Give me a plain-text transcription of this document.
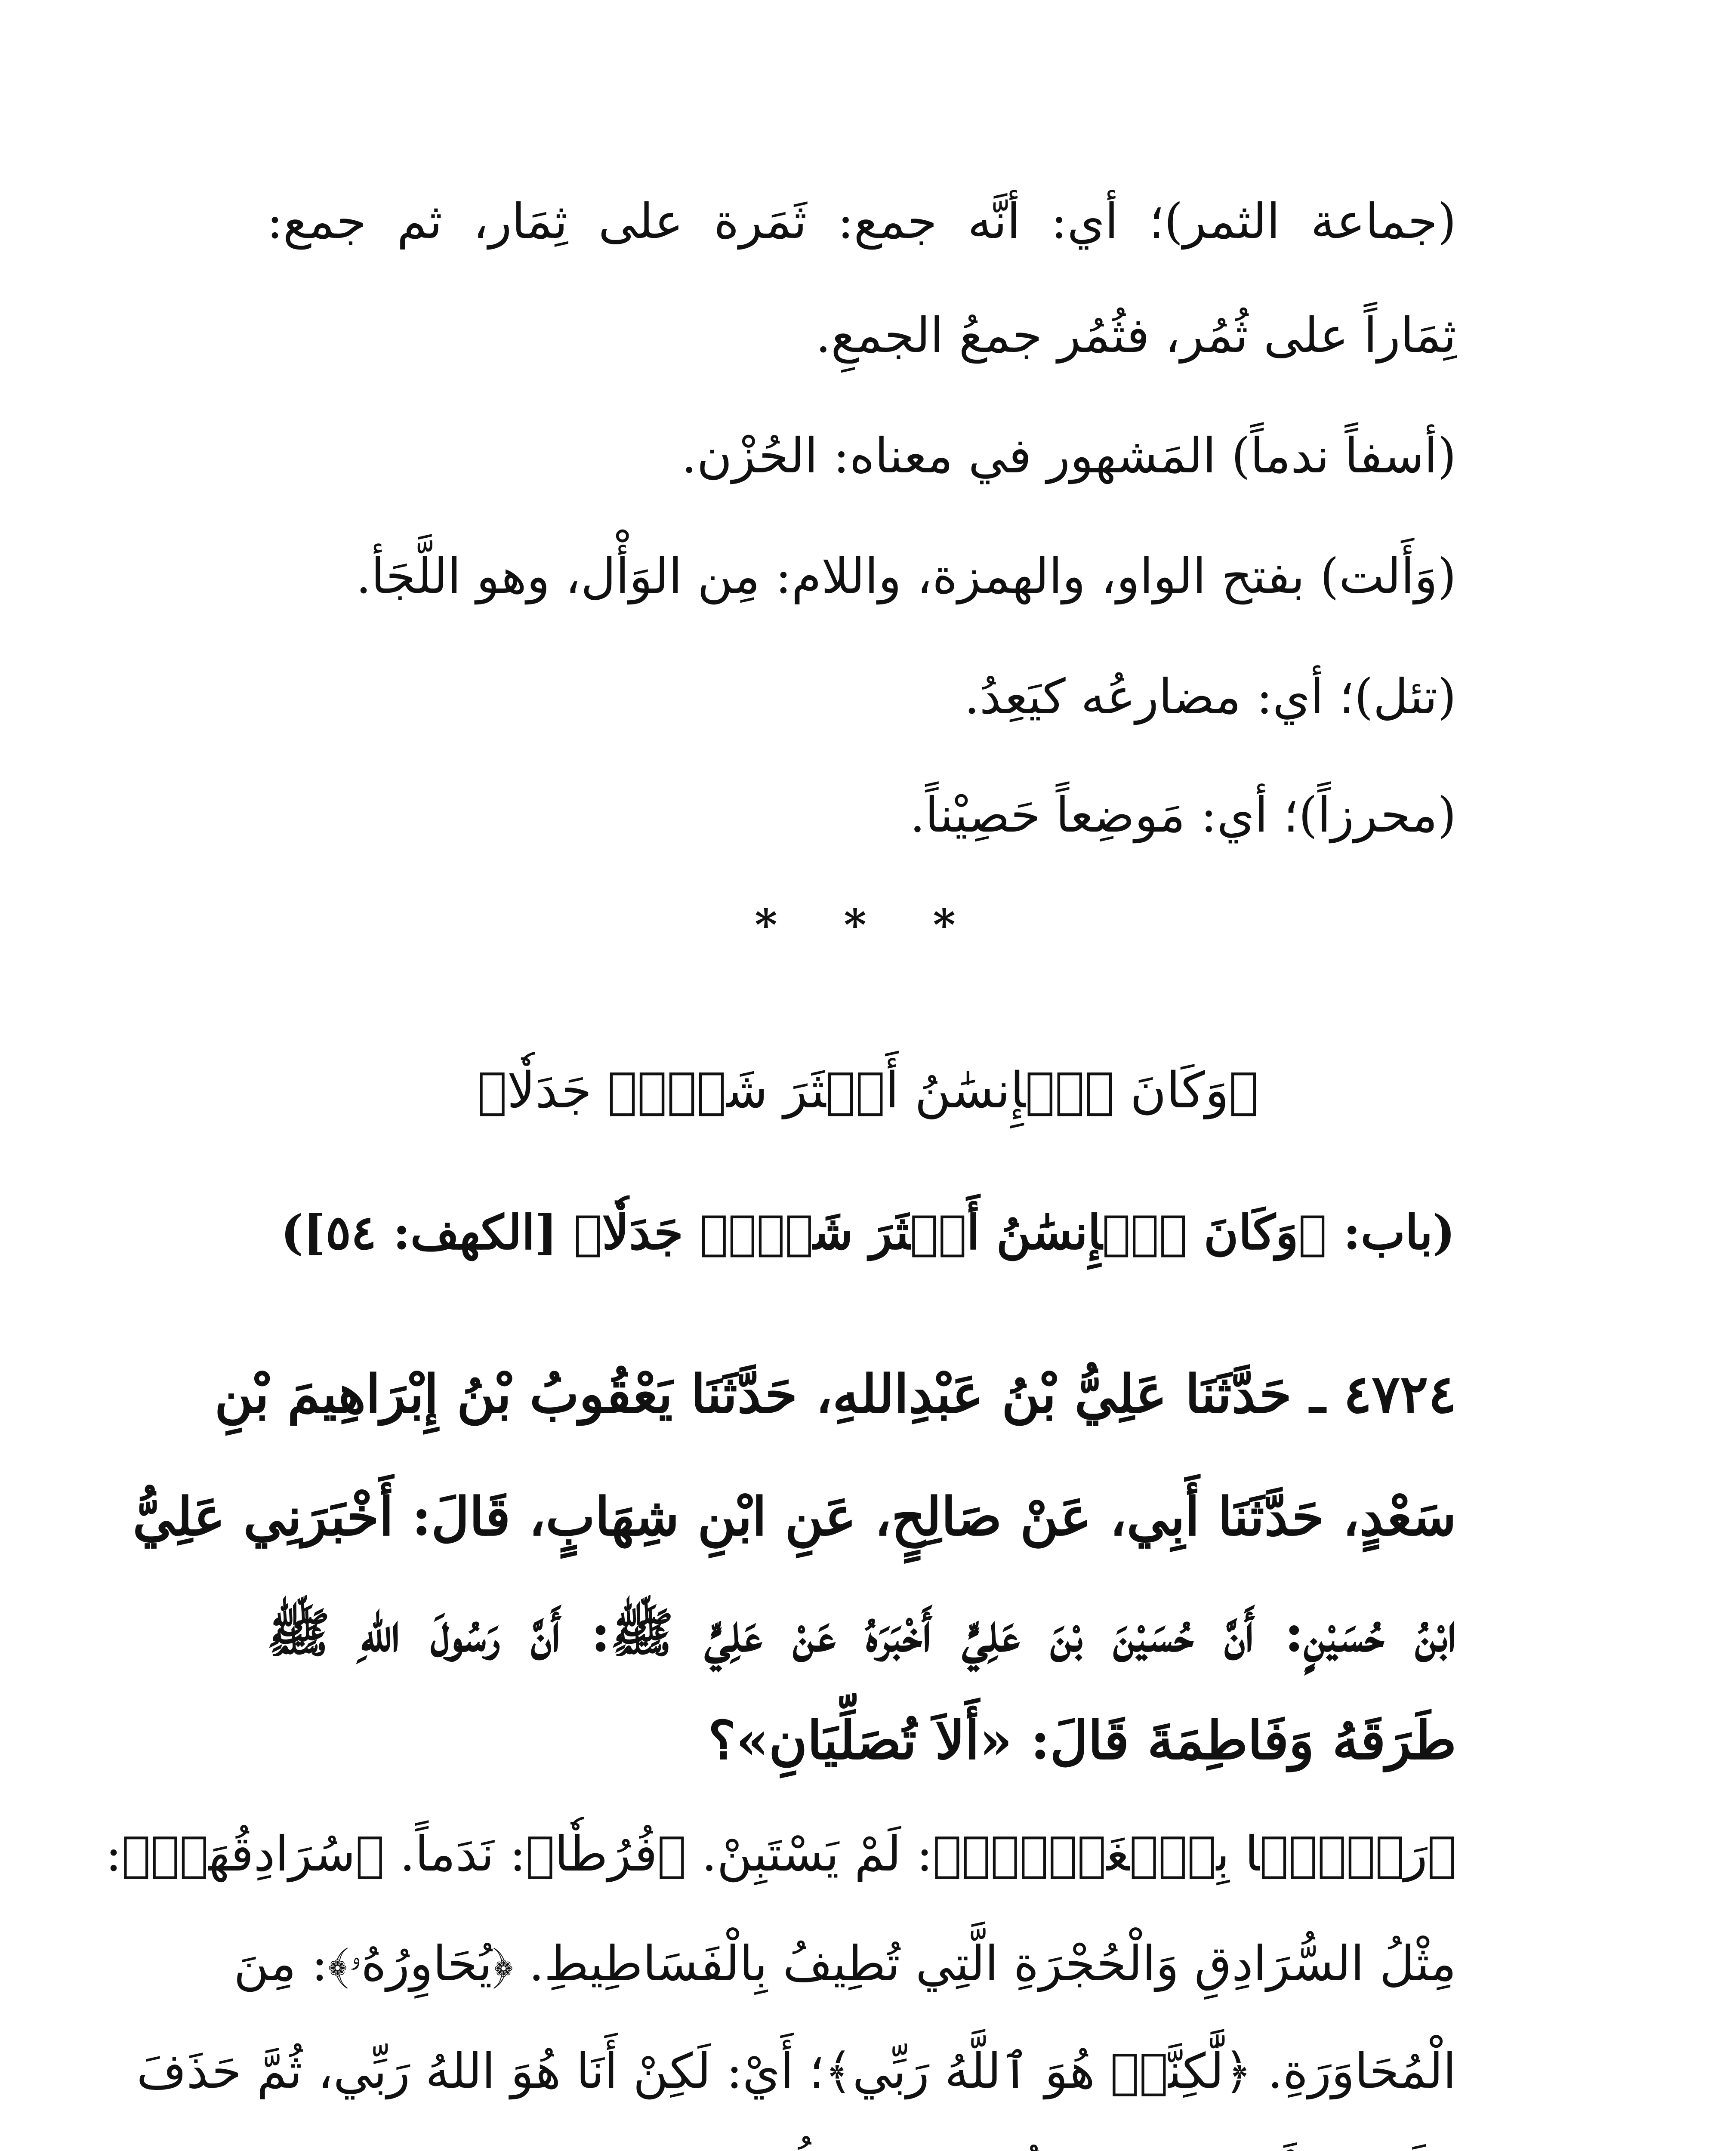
(جماعة الثمر)؛ أي: أنَّه جمع: ثَمَرة على ثِمَار، ثم جمع:
ثِمَاراً على ثُمُر، فثُمُر جمعُ الجمعِ.
(أسفاً ندماً) المَشهور في معناه: الحُزْن.
(وَأَلت) بفتح الواو، والهمزة، واللام: مِن الوَأْل، وهو اللَّجَأ.
(تئل)؛ أي: مضارعُه كيَعِدُ.
(محرزاً)؛ أي: مَوضِعاً حَصِيْناً.
* * *
﴿وَكَانَ ٱلۡإِنسَٰنُ أَكۡثَرَ شَيۡءٖ جَدَلٗا﴾
(باب: ﴿وَكَانَ ٱلۡإِنسَٰنُ أَكۡثَرَ شَيۡءٖ جَدَلٗا﴾ [الكهف: ٥٤])
٤٧٢٤ ـ حَدَّثَنَا عَلِيُّ بْنُ عَبْدِاللهِ، حَدَّثَنَا يَعْقُوبُ بْنُ إِبْرَاهِيمَ بْنِ
سَعْدٍ، حَدَّثَنَا أَبِي، عَنْ صَالِحٍ، عَنِ ابْنِ شِهَابٍ، قَالَ: أَخْبَرَنِي عَلِيُّ
ابْنُ حُسَيْنٍ: أَنَّ حُسَيْنَ بْنَ عَلِيٍّ أَخْبَرَهُ عَنْ عَلِيٍّ ﷺ: أَنَّ رَسُولَ اللهِ ﷺ
طَرَقَهُ وَفَاطِمَةَ قَالَ: «أَلاَ تُصَلِّيَانِ»؟
﴿رَجۡمَۢا بِٱلۡغَيۡبِۖ﴾: لَمْ يَسْتَبِنْ. ﴿فُرُطٗا﴾: نَدَماً. ﴿سُرَادِقُهَاۚ﴾:
مِثْلُ السُّرَادِقِ وَالْحُجْرَةِ الَّتِي تُطِيفُ بِالْفَسَاطِيطِ. ﴿يُحَاوِرُهُۥ﴾: مِنَ
الْمُحَاوَرَةِ. ﴿لَّٰكِنَّا۠ هُوَ ٱللَّهُ رَبِّي﴾؛ أَيْ: لَكِنْ أَنَا هُوَ اللهُ رَبِّي، ثُمَّ حَذَفَ
